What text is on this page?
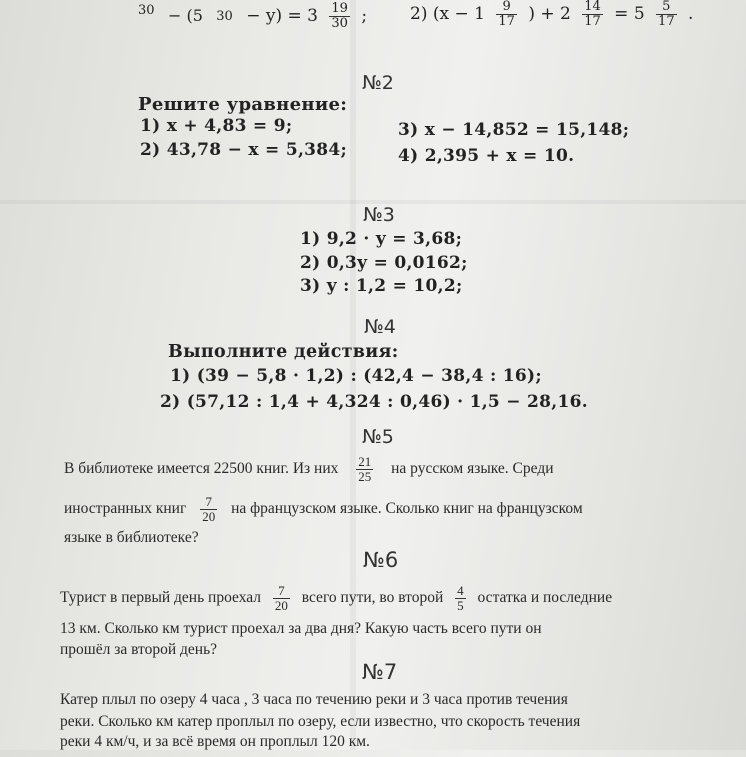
30 − (5 $30 - y) = 3 \frac{19}{30}$ ;	2) ($x - 1 \frac{9}{17}$ ) + $2 \frac{14}{17} = 5 \frac{5}{17}$ .
№2
Решите уравнение:
1) x + 4,83 = 9;
2) 43,78 − x = 5,384;
3) x − 14,852 = 15,148;
4) 2,395 + x = 10.
№3
1) 9,2 · y = 3,68;
2) 0,3y = 0,0162;
3) y : 1,2 = 10,2;
№4
Выполните действия:
1) (39 − 5,8 · 1,2) : (42,4 − 38,4 : 16);
2) (57,12 : 1,4 + 4,324 : 0,46) · 1,5 − 28,16.
№5
В библиотеке имеется 22500 книг. Из них $\frac{21}{25}$ на русском языке. Среди
иностранных книг $\frac{7}{20}$ на французском языке. Сколько книг на французском
языке в библиотеке?
№6
Турист в первый день проехал $\frac{7}{20}$ всего пути, во второй $\frac{4}{5}$ остатка и последние
13 км. Сколько км турист проехал за два дня? Какую часть всего пути он
прошёл за второй день?
№7
Катер плыл по озеру 4 часа , 3 часа по течению реки и 3 часа против течения
реки. Сколько км катер проплыл по озеру, если известно, что скорость течения
реки 4 км/ч, и за всё время он проплыл 120 км.
